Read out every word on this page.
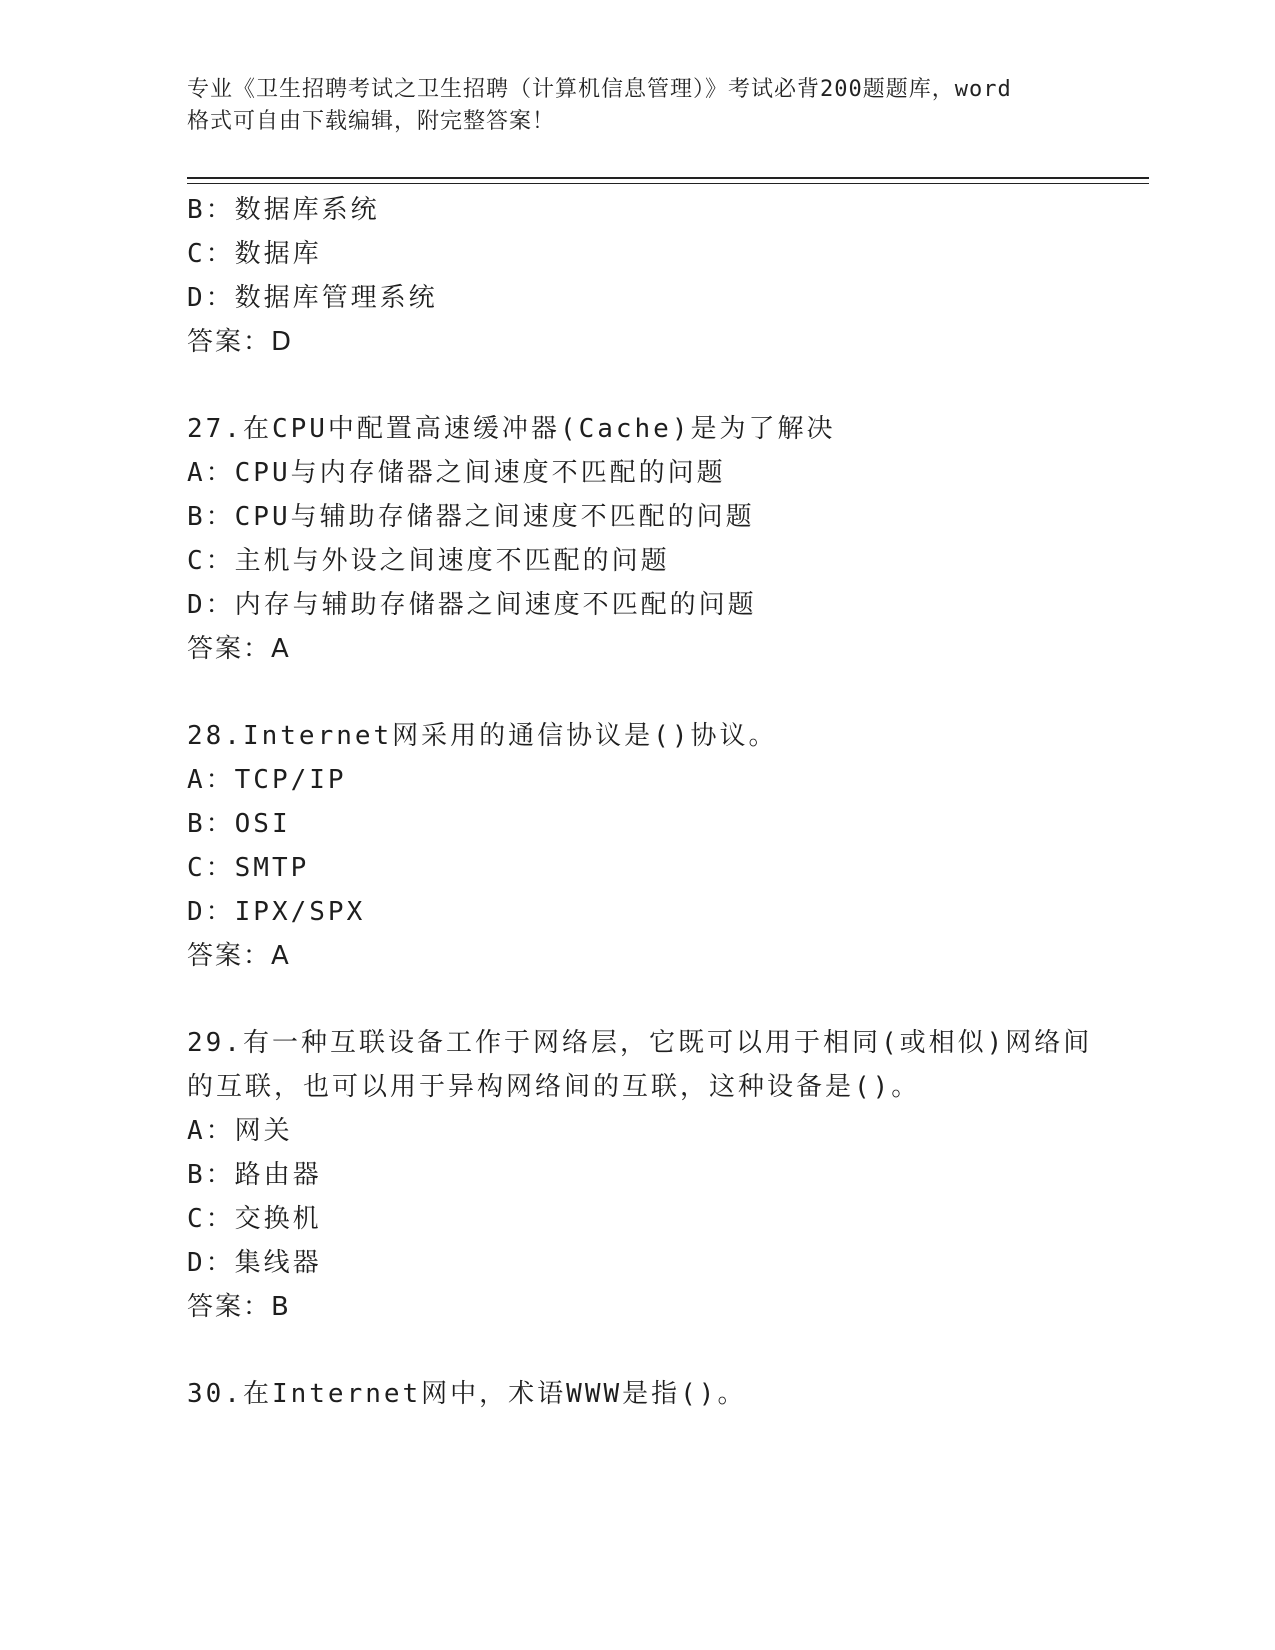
专业《卫生招聘考试之卫生招聘（计算机信息管理）》考试必背200题题库，word
格式可自由下载编辑，附完整答案！
B：数据库系统
C：数据库
D：数据库管理系统
答案：D
27.在CPU中配置高速缓冲器(Cache)是为了解决
A：CPU与内存储器之间速度不匹配的问题
B：CPU与辅助存储器之间速度不匹配的问题
C：主机与外设之间速度不匹配的问题
D：内存与辅助存储器之间速度不匹配的问题
答案：A
28.Internet网采用的通信协议是()协议。
A：TCP/IP
B：OSI
C：SMTP
D：IPX/SPX
答案：A
29.有一种互联设备工作于网络层，它既可以用于相同(或相似)网络间
的互联，也可以用于异构网络间的互联，这种设备是()。
A：网关
B：路由器
C：交换机
D：集线器
答案：B
30.在Internet网中，术语WWW是指()。
